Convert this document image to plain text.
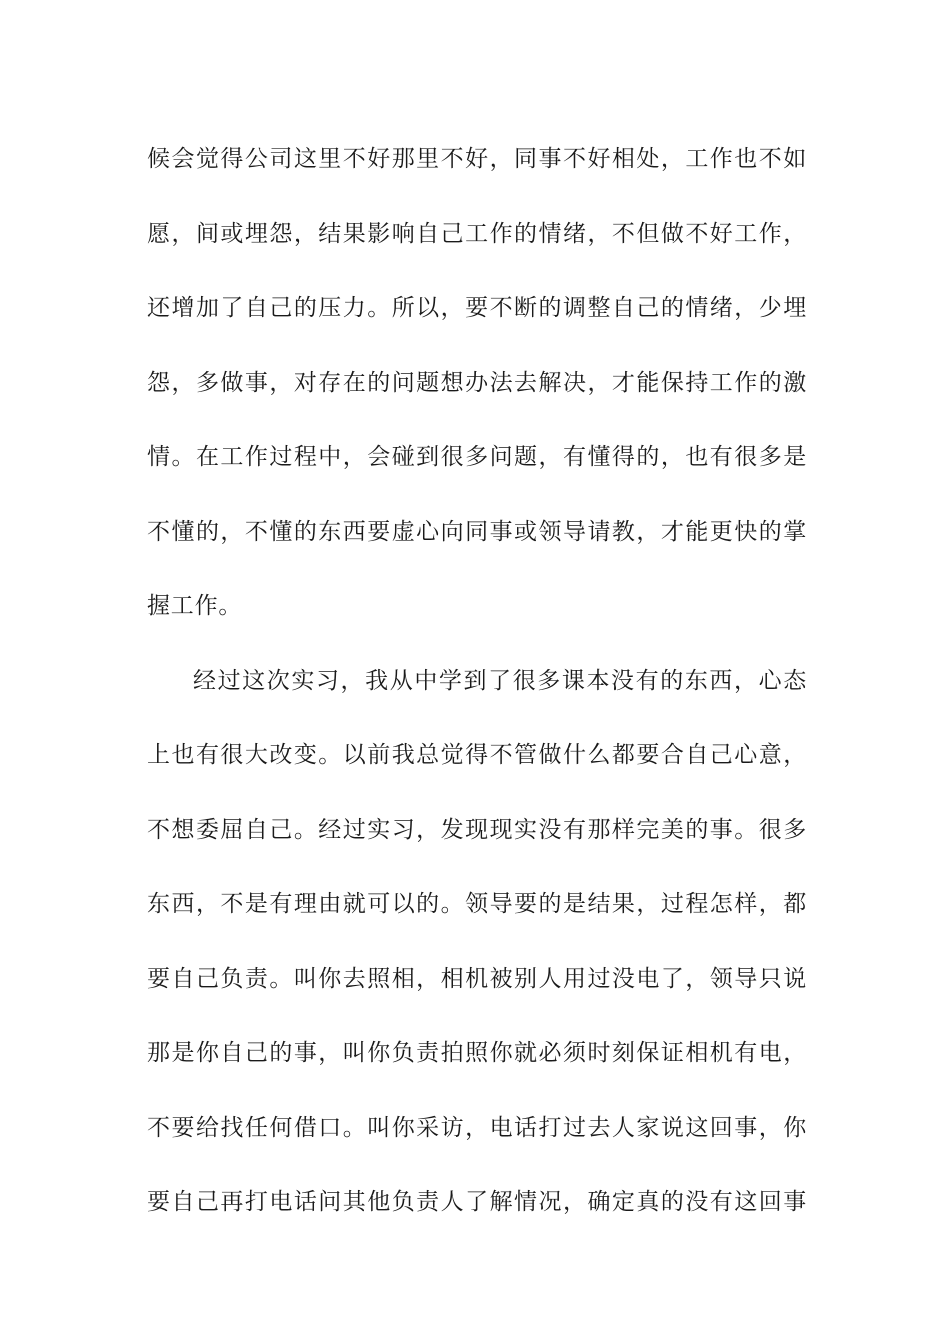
候会觉得公司这里不好那里不好，同事不好相处，工作也不如
愿，间或埋怨，结果影响自己工作的情绪，不但做不好工作，
还增加了自己的压力。所以，要不断的调整自己的情绪，少埋
怨，多做事，对存在的问题想办法去解决，才能保持工作的激
情。在工作过程中，会碰到很多问题，有懂得的，也有很多是
不懂的，不懂的东西要虚心向同事或领导请教，才能更快的掌
握工作。
经过这次实习，我从中学到了很多课本没有的东西，心态
上也有很大改变。以前我总觉得不管做什么都要合自己心意，
不想委屈自己。经过实习，发现现实没有那样完美的事。很多
东西，不是有理由就可以的。领导要的是结果，过程怎样，都
要自己负责。叫你去照相，相机被别人用过没电了，领导只说
那是你自己的事，叫你负责拍照你就必须时刻保证相机有电，
不要给找任何借口。叫你采访，电话打过去人家说这回事，你
要自己再打电话问其他负责人了解情况，确定真的没有这回事
